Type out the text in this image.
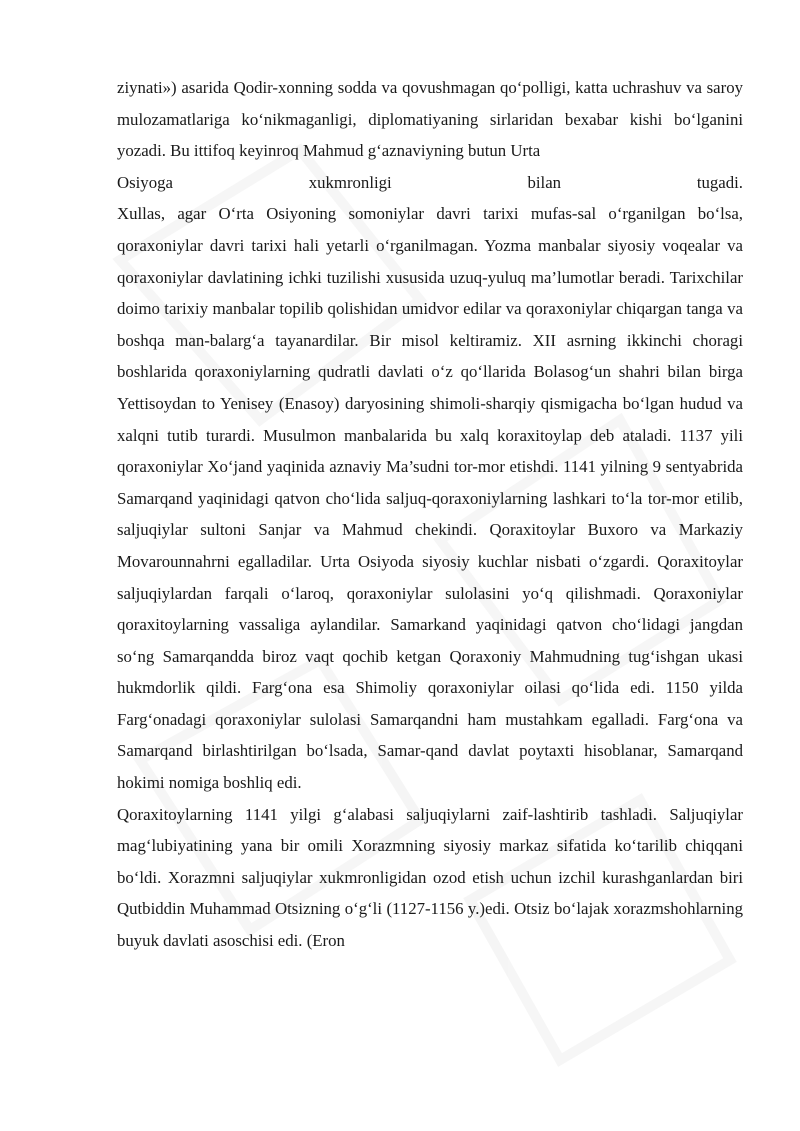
ziynati») asarida Qodir-xonning sodda va qovushmagan qo‘polligi, katta uchrashuv va saroy mulozamatlariga ko‘nikmaganligi, diplomatiyaning sirlaridan bexabar kishi bo‘lganini yozadi. Bu ittifoq keyinroq Mahmud g‘aznaviyning butun Urta

Osiyoga	xukmronligi	bilan	tugadi.

Xullas, agar O‘rta Osiyoning somoniylar davri tarixi mufas-sal o‘rganilgan bo‘lsa, qoraxoniylar davri tarixi hali yetarli o‘rganilmagan. Yozma manbalar siyosiy voqealar va qoraxoniylar davlatining ichki tuzilishi xususida uzuq-yuluq ma’lumotlar beradi. Tarixchilar doimo tarixiy manbalar topilib qolishidan umidvor edilar va qoraxoniylar chiqargan tanga va boshqa man-balarg‘a tayanardilar. Bir misol keltiramiz. XII asrning ikkinchi choragi boshlarida qoraxoniylarning qudratli davlati o‘z qo‘llarida Bolasog‘un shahri bilan birga Yettisoydan to Yenisey (Enasoy) daryosining shimoli-sharqiy qismigacha bo‘lgan hudud va xalqni tutib turardi. Musulmon manbalarida bu xalq koraxitoylap deb ataladi. 1137 yili qoraxoniylar Xo‘jand yaqinida aznaviy Ma’sudni tor-mor etishdi. 1141 yilning 9 sentyabrida Samarqand yaqinidagi qatvon cho‘lida saljuq-qoraxoniylarning lashkari to‘la tor-mor etilib, saljuqiylar sultoni Sanjar va Mahmud chekindi. Qoraxitoylar Buxoro va Markaziy Movarounnahrni egalladilar. Urta Osiyoda siyosiy kuchlar nisbati o‘zgardi. Qoraxitoylar saljuqiylardan farqali o‘laroq, qoraxoniylar sulolasini yo‘q qilishmadi. Qoraxoniylar qoraxitoylarning vassaliga aylandilar. Samarkand yaqinidagi qatvon cho‘lidagi jangdan so‘ng Samarqandda biroz vaqt qochib ketgan Qoraxoniy Mahmudning tug‘ishgan ukasi hukmdorlik qildi. Farg‘ona esa Shimoliy qoraxoniylar oilasi qo‘lida edi. 1150 yilda Farg‘onadagi qoraxoniylar sulolasi Samarqandni ham mustahkam egalladi. Farg‘ona va Samarqand birlashtirilgan bo‘lsada, Samar-qand davlat poytaxti hisoblanar, Samarqand hokimi nomiga boshliq edi.

Qoraxitoylarning 1141 yilgi g‘alabasi saljuqiylarni zaif-lashtirib tashladi. Saljuqiylar mag‘lubiyatining yana bir omili Xorazmning siyosiy markaz sifatida ko‘tarilib chiqqani bo‘ldi. Xorazmni saljuqiylar xukmronligidan ozod etish uchun izchil kurashganlardan biri Qutbiddin Muhammad Otsizning o‘g‘li (1127-1156 y.)edi. Otsiz bo‘lajak xorazmshohlarning buyuk davlati asoschisi edi. (Eron
